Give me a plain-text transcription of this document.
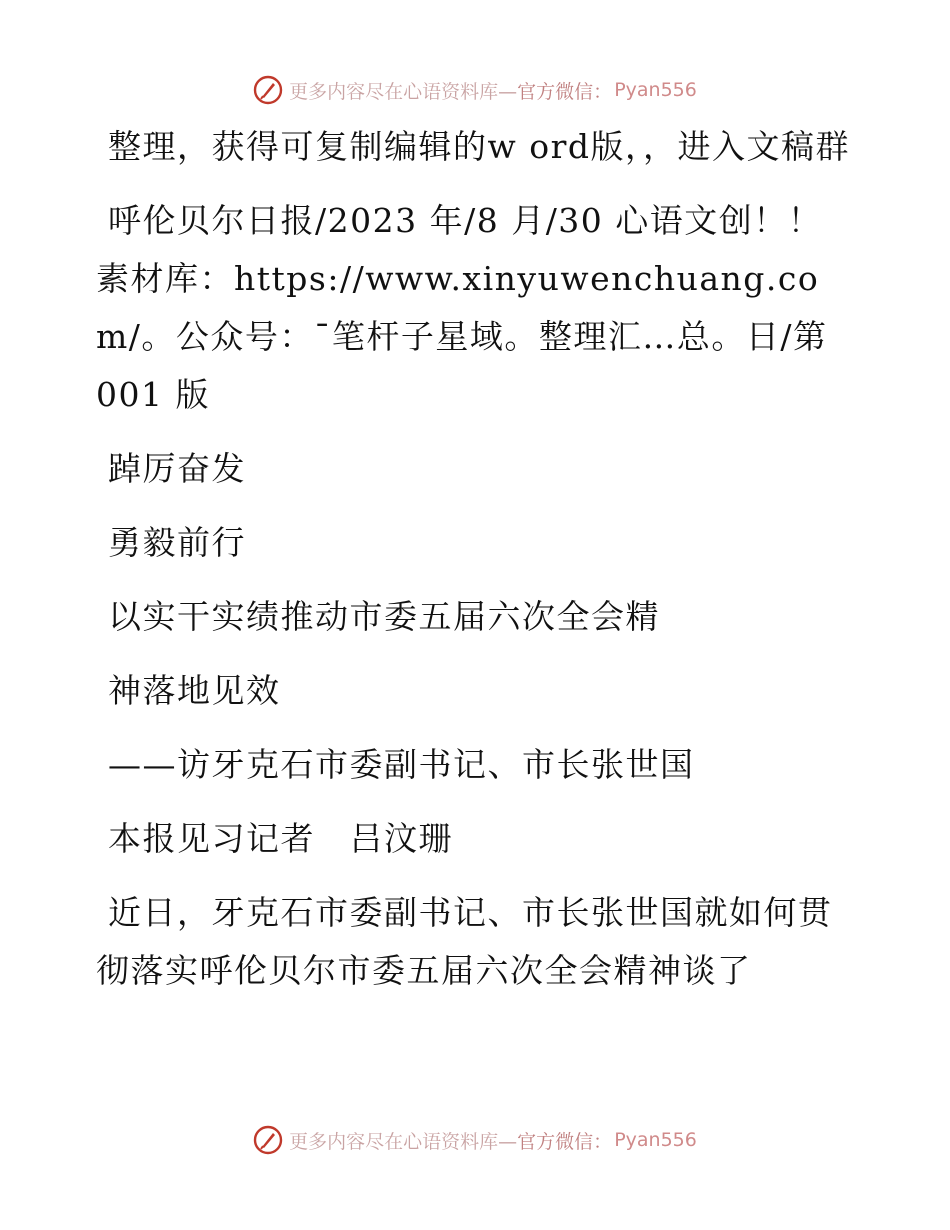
更多内容尽在心语资料库— 官方微信： Pyan556

整理，获得可复制编辑的w ord版，，进入文稿群

呼伦贝尔日报/2023 年/8 月/30 心语文创！！素材库：https://www.xinyuwenchuang.com/。公众号：¯笔杆子星域。整理汇…总。日/第 001 版

踔厉奋发

勇毅前行

以实干实绩推动市委五届六次全会精

神落地见效

——访牙克石市委副书记、市长张世国

本报见习记者　吕汶珊

近日，牙克石市委副书记、市长张世国就如何贯彻落实呼伦贝尔市委五届六次全会精神谈了

更多内容尽在心语资料库— 官方微信： Pyan556
